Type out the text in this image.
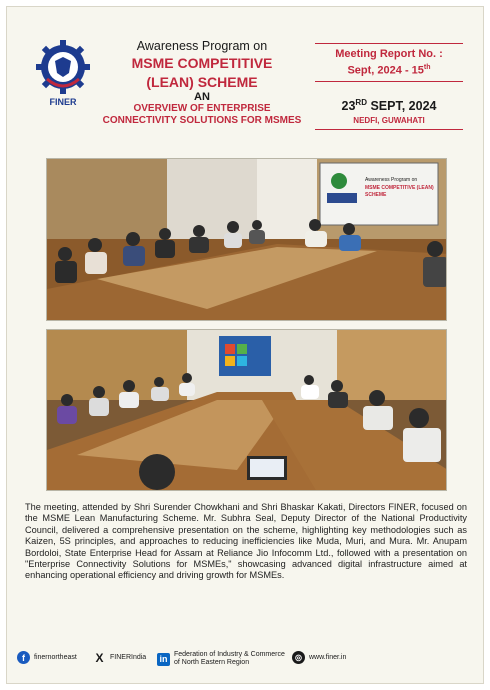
FINER
Awareness Program on
MSME COMPETITIVE
(LEAN) SCHEME
AN
OVERVIEW OF ENTERPRISE
CONNECTIVITY SOLUTIONS FOR MSMES
Meeting Report No. :
Sept, 2024 - 15th
23RD SEPT, 2024
NEDFI, GUWAHATI
Awareness Program on
MSME COMPETITIVE (LEAN)
SCHEME
The meeting, attended by Shri Surender Chowkhani and Shri Bhaskar Kakati, Directors FINER, focused on the MSME Lean Manufacturing Scheme. Mr. Subhra Seal, Deputy Director of the National Productivity Council, delivered a comprehensive presentation on the scheme, highlighting key methodologies such as Kaizen, 5S principles, and approaches to reducing inefficiencies like Muda, Muri, and Mura. Mr. Anupam Bordoloi, State Enterprise Head for Assam at Reliance Jio Infocomm Ltd., followed with a presentation on "Enterprise Connectivity Solutions for MSMEs," showcasing advanced digital infrastructure aimed at enhancing operational efficiency and driving growth for MSMEs.
f	finernortheast X FINERIndia in Federation of Industry & Commerce
of North Eastern Region
◎	www.finer.in
